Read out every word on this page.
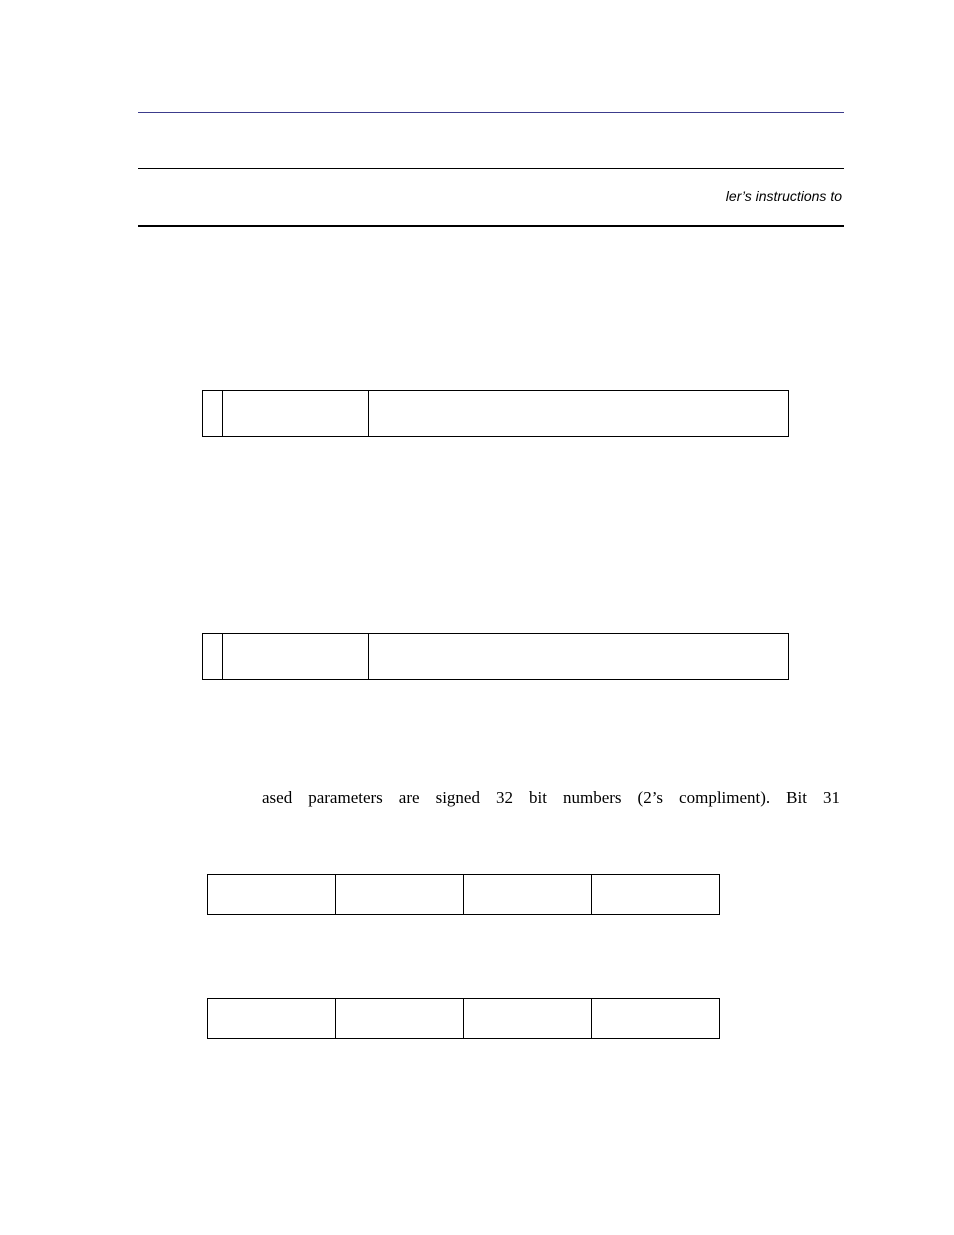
ler’s instructions to

ased parameters are signed 32 bit numbers (2’s compliment). Bit 31
